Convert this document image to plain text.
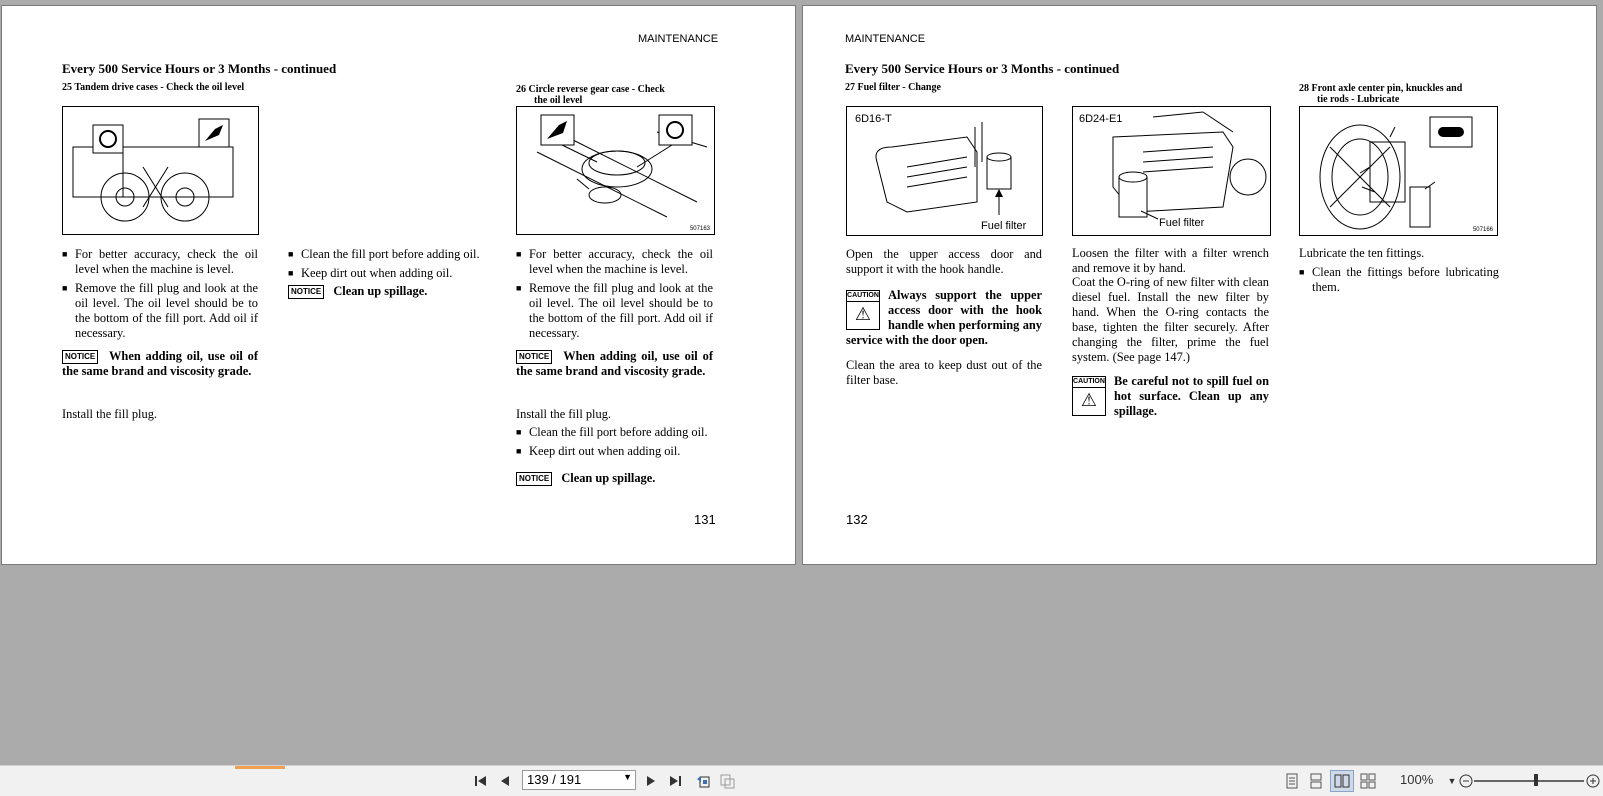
MAINTENANCE
Every 500 Service Hours or 3 Months - continued
25 Tandem drive cases - Check the oil level
■ For better accuracy, check the oil level when the machine is level.
■ Remove the fill plug and look at the oil level. The oil level should be to the bottom of the fill port. Add oil if necessary.
NOTICE When adding oil, use oil of the same brand and viscosity grade.
Install the fill plug.
■ Clean the fill port before adding oil.
■ Keep dirt out when adding oil.
NOTICE Clean up spillage.
26 Circle reverse gear case - Check
the oil level
507163
■ For better accuracy, check the oil level when the machine is level.
■ Remove the fill plug and look at the oil level. The oil level should be to the bottom of the fill port. Add oil if necessary.
NOTICE When adding oil, use oil of the same brand and viscosity grade.
Install the fill plug.
■ Clean the fill port before adding oil.
■ Keep dirt out when adding oil.
NOTICE Clean up spillage.
131
MAINTENANCE
Every 500 Service Hours or 3 Months - continued
27 Fuel filter - Change
6D16-T
Fuel filter
6D24-E1
Fuel filter
Open the upper access door and support it with the hook handle.
CAUTION
⚠
Always support the upper access door with the hook handle when performing any service with the door open.
Clean the area to keep dust out of the filter base.
Loosen the filter with a filter wrench and remove it by hand.
Coat the O-ring of new filter with clean diesel fuel. Install the new filter by hand. When the O-ring contacts the base, tighten the filter securely. After changing the filter, prime the fuel system. (See page 147.)
CAUTION
⚠
Be careful not to spill fuel on hot surface. Clean up any spillage.
28 Front axle center pin, knuckles and
tie rods - Lubricate
507166
Lubricate the ten fittings.
■ Clean the fittings before lubricating them.
132
139 / 191	▼	100% ▼
